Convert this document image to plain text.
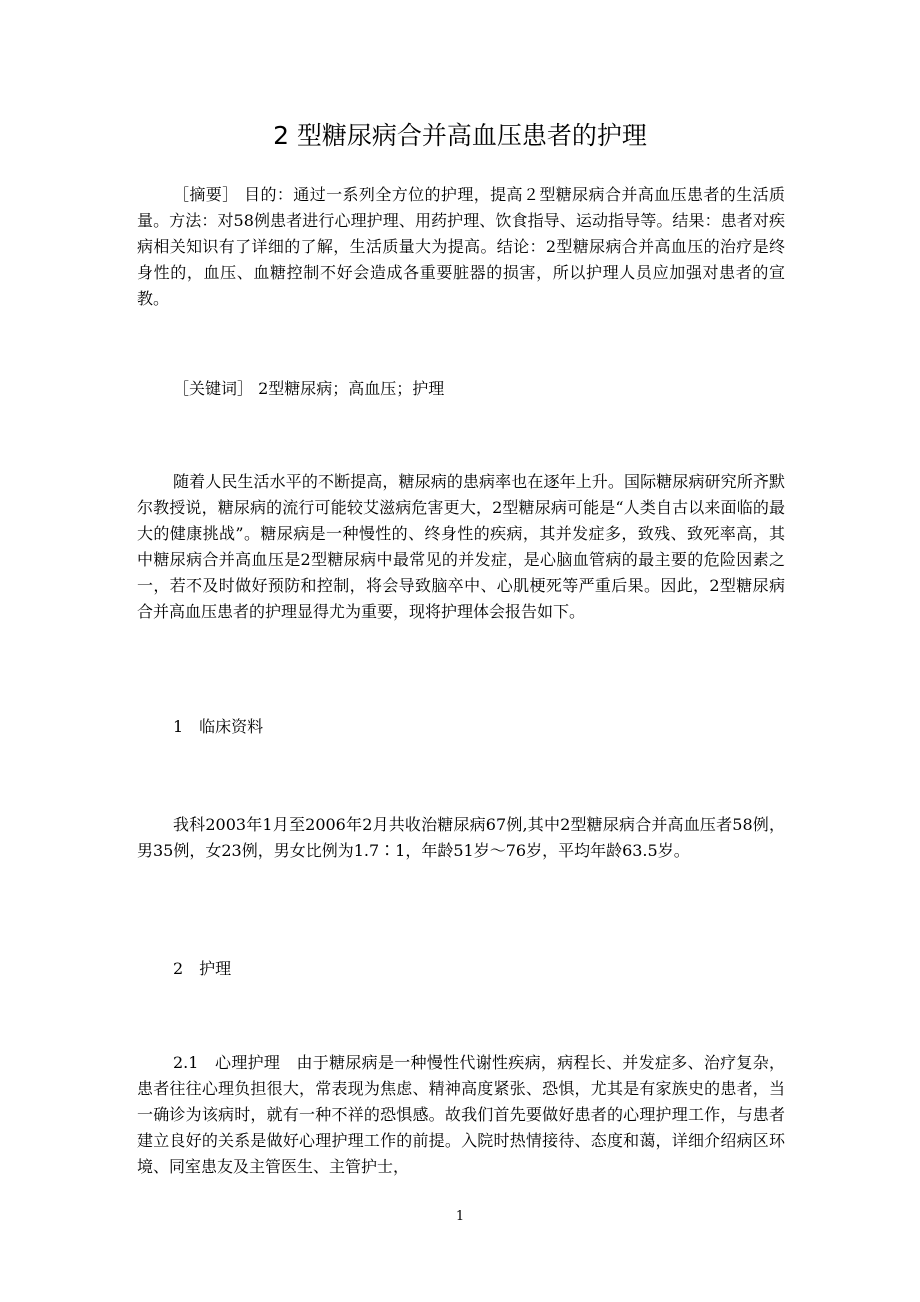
2 型糖尿病合并高血压患者的护理

［摘要］ 目的：通过一系列全方位的护理，提高２型糖尿病合并高血压患者的生活质量。方法：对58例患者进行心理护理、用药护理、饮食指导、运动指导等。结果：患者对疾病相关知识有了详细的了解，生活质量大为提高。结论：2型糖尿病合并高血压的治疗是终身性的，血压、血糖控制不好会造成各重要脏器的损害，所以护理人员应加强对患者的宣教。

［关键词］ 2型糖尿病；高血压；护理

随着人民生活水平的不断提高，糖尿病的患病率也在逐年上升。国际糖尿病研究所齐默尔教授说，糖尿病的流行可能较艾滋病危害更大，2型糖尿病可能是“人类自古以来面临的最大的健康挑战”。糖尿病是一种慢性的、终身性的疾病，其并发症多，致残、致死率高，其中糖尿病合并高血压是2型糖尿病中最常见的并发症，是心脑血管病的最主要的危险因素之一，若不及时做好预防和控制，将会导致脑卒中、心肌梗死等严重后果。因此，2型糖尿病合并高血压患者的护理显得尤为重要，现将护理体会报告如下。

1　临床资料

我科2003年1月至2006年2月共收治糖尿病67例,其中2型糖尿病合并高血压者58例，男35例，女23例，男女比例为1.7∶1，年龄51岁～76岁，平均年龄63.5岁。

2　护理

2.1　心理护理　由于糖尿病是一种慢性代谢性疾病，病程长、并发症多、治疗复杂，患者往往心理负担很大，常表现为焦虑、精神高度紧张、恐惧，尤其是有家族史的患者，当一确诊为该病时，就有一种不祥的恐惧感。故我们首先要做好患者的心理护理工作，与患者建立良好的关系是做好心理护理工作的前提。入院时热情接待、态度和蔼，详细介绍病区环境、同室患友及主管医生、主管护士，

1
